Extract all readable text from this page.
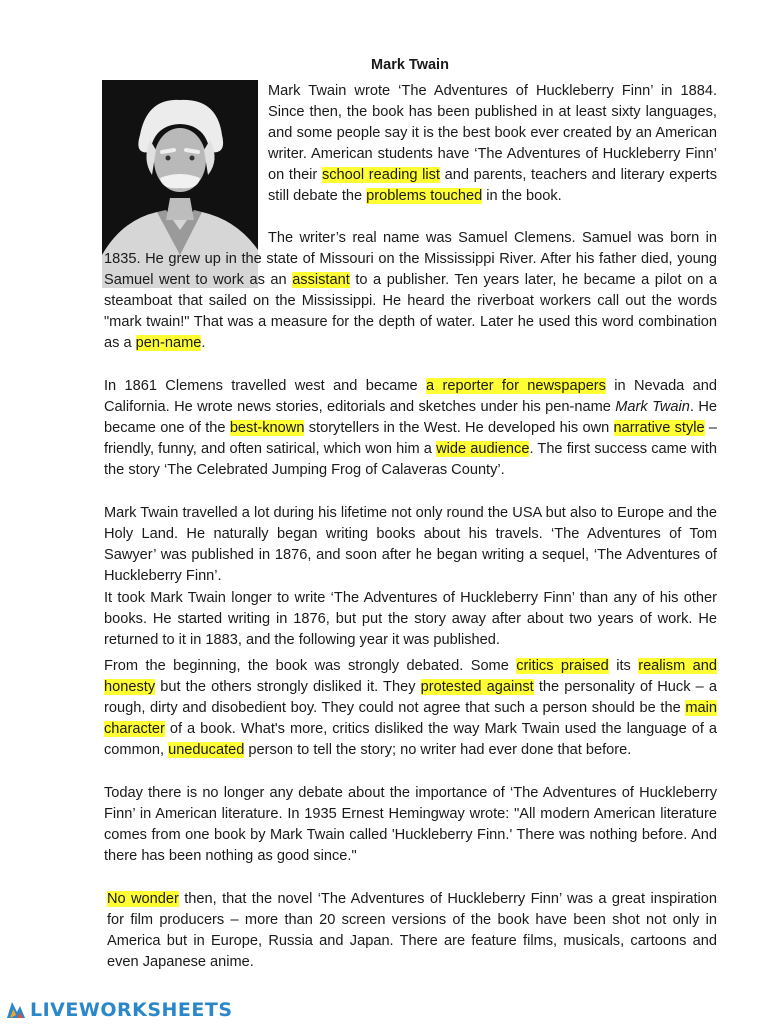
Mark Twain

Mark Twain wrote ‘The Adventures of Huckleberry Finn’ in 1884. Since then, the book has been published in at least sixty languages, and some people say it is the best book ever created by an American writer. American students have ‘The Adventures of Huckleberry Finn’ on their school reading list and parents, teachers and literary experts still debate the problems touched in the book.

The writer’s real name was Samuel Clemens. Samuel was born in 1835. He grew up in the state of Missouri on the Mississippi River. After his father died, young Samuel went to work as an assistant to a publisher. Ten years later, he became a pilot on a steamboat that sailed on the Mississippi. He heard the riverboat workers call out the words "mark twain!" That was a measure for the depth of water. Later he used this word combination as a pen-name.

In 1861 Clemens travelled west and became a reporter for newspapers in Nevada and California. He wrote news stories, editorials and sketches under his pen-name Mark Twain. He became one of the best-known storytellers in the West. He developed his own narrative style – friendly, funny, and often satirical, which won him a wide audience. The first success came with the story ‘The Celebrated Jumping Frog of Calaveras County’.

Mark Twain travelled a lot during his lifetime not only round the USA but also to Europe and the Holy Land. He naturally began writing books about his travels. ‘The Adventures of Tom Sawyer’ was published in 1876, and soon after he began writing a sequel, ‘The Adventures of Huckleberry Finn’.

It took Mark Twain longer to write ‘The Adventures of Huckleberry Finn’ than any of his other books. He started writing in 1876, but put the story away after about two years of work. He returned to it in 1883, and the following year it was published.

From the beginning, the book was strongly debated. Some critics praised its realism and honesty but the others strongly disliked it. They protested against the personality of Huck – a rough, dirty and disobedient boy. They could not agree that such a person should be the main character of a book. What's more, critics disliked the way Mark Twain used the language of a common, uneducated person to tell the story; no writer had ever done that before.

Today there is no longer any debate about the importance of ‘The Adventures of Huckleberry Finn’ in American literature. In 1935 Ernest Hemingway wrote: "All modern American literature comes from one book by Mark Twain called 'Huckleberry Finn.' There was nothing before. And there has been nothing as good since."

No wonder then, that the novel ‘The Adventures of Huckleberry Finn’ was a great inspiration for film producers – more than 20 screen versions of the book have been shot not only in America but in Europe, Russia and Japan. There are feature films, musicals, cartoons and even Japanese anime.

LIVEWORKSHEETS
